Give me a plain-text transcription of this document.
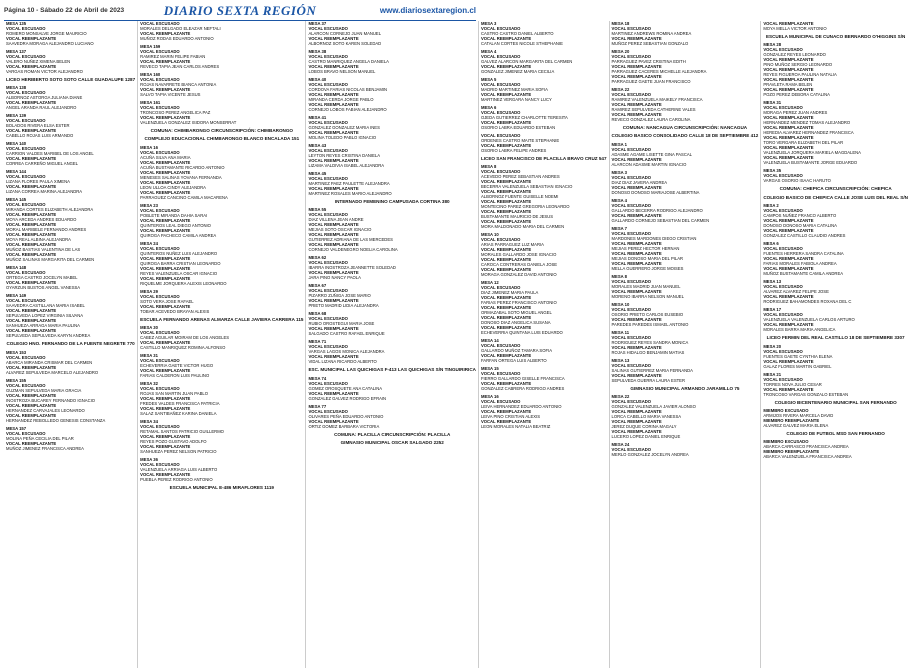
Página 10 - Sábado 22 de Abril de 2023	DIARIO SEXTA REGIÓN	www.diariosextaregion.cl
MESA 135
VOCAL ESCUSADO
ROMERO MONSALVE JORGE MAURICIO
VOCAL REEMPLAZANTE
SAAVEDRA MORAGA ALEJANDRO LUCIANO
MESA 137
VOCAL ESCUSADO
VALERO NUÑEZ XIMENA BELEN
VOCAL REEMPLAZANTE
VARGAS ROMAN VICTOR ALEJANDRO
LICEO HERIBERTO SOTO SOTO CALLE GUADALUPE 1287
MESA 138
VOCAL ESCUSADO
ALBORNOZ ASTORGA JULIANA DIANE
VOCAL REEMPLAZANTE
ANGEL ARANDA RAUL ALEJANDRO
MESA 139
VOCAL ESCUSADO
BOLADOS RIVERA ELSA ESTER
VOCAL REEMPLAZANTE
CABELLO ROJAS LUIS ARMANDO
MESA 140
VOCAL ESCUSADO
CARRION VALDES MARIBEL DE LOS ANGEL
VOCAL REEMPLAZANTE
CORREA CARREÑO MIGUEL ANGEL
MESA 144
VOCAL ESCUSADO
LIZANA FLORES PAULA XIMENA
VOCAL REEMPLAZANTE
LIZANA CORREA MARINA ALEJANDRA
MESA 145
VOCAL ESCUSADO
MIRANDA CORTES ELIZABETH ALEJANDRA
VOCAL REEMPLAZANTE
MOYA ARCEDA ANDRES EDUARDO
VOCAL REEMPLAZANTE
MORAL MARIBELE FERNANDO ANDRES
VOCAL REEMPLAZANTE
MOYA REAL ALBINA ALEJANDRA
VOCAL REEMPLAZANTE
MUÑOZ BASTIAS VALENTINA DE LAS
VOCAL REEMPLAZANTE
MUÑOZ SALINAS MARGARITA DEL CARMEN
MESA 148
VOCAL ESCUSADO
ORTEGA CASTRO JOCELYN MABEL
VOCAL REEMPLAZANTE
OYARZUN BUSTOS ANGEL VANESSA
MESA 149
VOCAL ESCUSADO
SAAVEDRA CASTILLANA MARIA ISABEL
VOCAL REEMPLAZANTE
SEPULVEDA LOPEZ VIRGINIA SILVANA
VOCAL REEMPLAZANTE
SANHUEZA ARRAGA MARIA PAULINA
VOCAL REEMPLAZANTE
SEPULVEDA SEPULVEDA KARYN ANDREA
COLEGIO HNO. FERNANDO DE LA FUENTE NEGRETE 770
MESA 153
VOCAL ESCUSADO
ABARCA MIRANDA CRISMAR DEL CARMEN
VOCAL REEMPLAZANTE
ALVAREZ SEPULVEDA MARCELO ALEJANDRO
MESA 155
VOCAL ESCUSADO
GUZMAN SEPULVEDA MARIA GRACIA
VOCAL REEMPLAZANTE
INOSTROZA BUCAREY FERNANDO IGNACIO
VOCAL REEMPLAZANTE
HERNANDEZ CARVAJALES LEONARDO
VOCAL REEMPLAZANTE
HERNANDEZ REBOLLEDO GENESIS CONSTANZA
MESA 157
VOCAL ESCUSADO
MOLINA PEÑA CECILIA DEL PILAR
VOCAL REEMPLAZANTE
MUÑOZ JIMENEZ FRANCISCA ANDREA
VOCAL ESCUSADO
MORALES DELGADO ELEAZAR NEFTALI
VOCAL REEMPLAZANTE
MUÑOZ RODAS EDUARDO ANTONIO
MESA 159
VOCAL ESCUSADO
RAMIREZ MARIN FELIPE FABIAN
VOCAL REEMPLAZANTE
REVECO TAPIA JEAN CARLOS ANDRES
MESA 160
VOCAL ESCUSADO
ROJAS NAVARRETE BIANCA ANTONIA
VOCAL REEMPLAZANTE
SALVO TAPIA VICENTE JESUS
MESA 161
VOCAL ESCUSADO
TRONCOSO PEREZ ANGELICA PAZ
VOCAL REEMPLAZANTE
VALENZUELA GONZALEZ ISIDORA MONSERRAT
COMUNA: CHIMBARONGO CIRCUNSCRIPCIÓN: CHIMBARONGO
COMPLEJO EDUCACIONAL CHIMBARONGO BLANCO ENCALADA 151
MESA 16
VOCAL ESCUSADO
ACUÑA SILVA ANA MARIA
VOCAL REEMPLAZANTE
ACUÑA BUSTAMANTE RICARDO ANTONIO
VOCAL REEMPLAZANTE
MENESES SALINAS YOVANA FERNANDA
VOCAL REEMPLAZANTE
LEON ULLOA CINDY ALEJANDRA
VOCAL REEMPLAZANTE
PARRAGUEZ CANCINO CAMILA MACARENA
MESA 23
VOCAL ESCUSADO
POBLETE MIRANDA DAHIA SARAI
VOCAL REEMPLAZANTE
QUINTEROS LEAL DIEGO ANTONIO
VOCAL REEMPLAZANTE
QUIROGA PACHECO CAMILA ANDREA
MESA 24
VOCAL ESCUSADO
QUINTEROS NUÑEZ LUIS ALEJANDRO
VOCAL REEMPLAZANTE
QUIROGA BARRA CRISTIAN LEONARDO
VOCAL REEMPLAZANTE
REYES VALENZUELA OSCAR IGNACIO
VOCAL REEMPLAZANTE
RIQUELME JORQUERA ALEXIS LEONARDO
MESA 29
VOCAL ESCUSADO
SOTO VERA JOSE RAFAEL
VOCAL REEMPLAZANTE
TOBAR ACEVEDO BRAYAN ALEXIS
ESCUELA FERNANDO ARENAS ALMARZA CALLE JAVIERA CARRERA 115
MESA 30
VOCAL ESCUSADO
CABEZ AGUILAR MOIRAM DE LOS ANGELES
VOCAL REEMPLAZANTE
CASTILLO MANRIQUEZ ROMINA ALFONSO
MESA 31
VOCAL ESCUSADO
ECHEVERRIA GAETE VICTOR HUGO
VOCAL REEMPLAZANTE
FARIAS CALDERON LUIS PAULINO
MESA 32
VOCAL ESCUSADO
ROJAS SAN MARTIN JUAN PABLO
VOCAL REEMPLAZANTE
FREDES VALDES FRANCISCA PATRICIA
VOCAL REEMPLAZANTE
SALAZ SANTIBAÑEZ KARINA DANIELA
MESA 34
VOCAL ESCUSADO
RETAMAL SANTOS PATRICIO GUILLERMO
VOCAL REEMPLAZANTE
REYES POZO GUSTAVO ADOLFO
VOCAL REEMPLAZANTE
SANHUEZA PEREZ NELSON PATRICIO
MESA 36
VOCAL ESCUSADO
VALENZUELA ARRIAGA LUIS ALBERTO
VOCAL REEMPLAZANTE
PUEBLA PEREZ RODRIGO ANTONIO
ESCUELA MUNICIPAL E-486 MIRAFLORES 1119
MESA 37
VOCAL ESCUSADO
ALARCON CORNEJO JUAN MANUEL
VOCAL REEMPLAZANTE
ALBORNOZ SOTO KAREN SOLEDAD
MESA 38
VOCAL ESCUSADO
CASTRO MANRIQUEZ ANGELA DANIELA
VOCAL REEMPLAZANTE
LOBOS BRAVO NELSON MANUEL
MESA 40
VOCAL ESCUSADO
CORDOVA FARIAS NICOLAS BENJAMIN
VOCAL REEMPLAZANTE
MIRANDA CERDA JORGE PABLO
VOCAL REEMPLAZANTE
CORNEJO LOBOS FABIAN ALEJANDRO
MESA 41
VOCAL ESCUSADO
GONZALEZ GONZALEZ MARIA INES
VOCAL REEMPLAZANTE
MOLINA TOLEDO PABLO IGNACIO
MESA 43
VOCAL ESCUSADO
LEYTON REYES CRISTINA DANIELA
VOCAL REEMPLAZANTE
LIZAMA VALDIVIA ISABEL ALEJANDRA
MESA 45
VOCAL ESCUSADO
MARTINEZ PAEZ PAULETTE ALEJANDRA
VOCAL REEMPLAZANTE
MARTINEZ ROSALES MARIO ALEJANDRO
INTERNADO FEMENINO CAMPUSADA CORTINA 380
MESA 55
VOCAL ESCUSADO
DIAZ VILLENA JEAN ANDRE
VOCAL REEMPLAZANTE
MEJIAS SOTO OSCAR IGNACIO
VOCAL REEMPLAZANTE
GUTIERREZ ADRIANA DE LAS MERCEDES
VOCAL REEMPLAZANTE
CORNEJO VALDENEGRO NOELIA CAROLINA
MESA 62
VOCAL ESCUSADO
IBARRA INOSTROZA JEANNETTE SOLEDAD
VOCAL REEMPLAZANTE
JARA PINO NANCY PAOLA
MESA 67
VOCAL ESCUSADO
PIZARRO ZUÑIGA JOSE MARIO
VOCAL REEMPLAZANTE
PRIETO MADRID LIDIA ALEJANDRA
MESA 68
VOCAL ESCUSADO
RUBIO OROSTEGUI MARIA JOSE
VOCAL REEMPLAZANTE
SALGADO CASTRO RAFAEL ENRIQUE
MESA 71
VOCAL ESCUSADO
VARGAS LAGOS MONICA ALEJANDRA
VOCAL REEMPLAZANTE
VIDAL LIZANA RICARDO ALBERTO
ESC. MUNICIPAL LAS QUICHIGAS F-413 LAS QUICHIGAS S/N TINGUIRIRICA
MESA 74
VOCAL ESCUSADO
GOMEZ OROSQUETE ANA CATALINA
VOCAL REEMPLAZANTE
GONZALEZ GALVEZ RODRIGO EFRAIN
MESA 77
VOCAL ESCUSADO
OLIVARES PEÑA EDUARDO ANTONIO
VOCAL REEMPLAZANTE
ORTIZ GOMEZ BARBARA VICTORIA
COMUNA: PLACILLA CIRCUNSCRIPCIÓN: PLACILLA
GIMNASIO MUNICIPAL OSCAR SALGADO 2252
MESA 3
VOCAL ESCUSADO
CASTRO CASTRO DANIEL ALBERTO
VOCAL REEMPLAZANTE
CATALAN CORTES NICOLE STHEPHANIE
MESA 4
VOCAL ESCUSADO
GALVEZ ALARCON MARGARITA DEL CARMEN
VOCAL REEMPLAZANTE
GONZALEZ JIMENEZ MARIA CECILIA
MESA 5
VOCAL ESCUSADO
MADRID MARTINEZ MARIA SOFIA
VOCAL REEMPLAZANTE
MARTINEZ VERGARA NANCY LUCY
MESA 6
VOCAL ESCUSADO
OJEDA GUTIERREZ CHARLOTTE TERESITA
VOCAL REEMPLAZANTE
OSORIO LABRA EDUARDO ESTEBAN
VOCAL ESCUSADO
ORDENES CASTRO MAITE STEPHANIE
VOCAL REEMPLAZANTE
OSORIO LABRA FELIPE ANDRES
LICEO SAN FRANCISCO DE PLACILLA BRAVO CRUZ 547
MESA 8
VOCAL ESCUSADO
ACEVEDO PEREZ SEBASTIAN ANDRES
VOCAL REEMPLAZANTE
BECERRA VALENZUELA SEBASTIAN IGNACIO
VOCAL REEMPLAZANTE
ALBORNOZ FUENTE GUISELLE NOEMI
VOCAL REEMPLAZANTE
MONTECINO PAREZ GREGORIA LEONARDO
VOCAL REEMPLAZANTE
BUSTAMANTE MAURICIO DE JESUS
VOCAL REEMPLAZANTE
MORA MALDONADO MARIA DEL CARMEN
MESA 10
VOCAL ESCUSADO
ARIAS PARRAGUEZ LUZ MARIA
VOCAL REEMPLAZANTE
MORALES GALLARDO JOSE IGNACIO
VOCAL REEMPLAZANTE
CAROCA CONTRERAS DANIELA JOSE
VOCAL REEMPLAZANTE
MORAGA GONZALEZ DAVID ANTONIO
MESA 12
VOCAL ESCUSADO
DIAZ JIMENEZ MARIA PAULA
VOCAL REEMPLAZANTE
FARIAS PEREZ FRANCISCO ANTONIO
VOCAL REEMPLAZANTE
ORMAZABAL SOTO MIGUEL ANGEL
VOCAL REEMPLAZANTE
DONOSO DIAZ ANGELICA SUSANA
VOCAL REEMPLAZANTE
ECHEVERRIA QUINTANA LUIS EDUARDO
MESA 14
VOCAL ESCUSADO
GALLARDO MUÑOZ TAMARA SOFIA
VOCAL REEMPLAZANTE
FARFAN ORTEGA LUIS ALBERTO
MESA 15
VOCAL ESCUSADO
FIERRO GALLARDO GISELLE FRANCISCA
VOCAL REEMPLAZANTE
GONZALEZ CABRERA RODRIGO ANDRES
MESA 16
VOCAL ESCUSADO
LEIVA HERNANDEZ EDUARDO ANTONIO
VOCAL REEMPLAZANTE
LEIVA PINO CRISTIAN ALEXIS
VOCAL REEMPLAZANTE
LEON MORALES NATALIA BEATRIZ
MESA 18
VOCAL ESCUSADO
MARTINEZ ANDREWS ROMINA ANDREA
VOCAL REEMPLAZANTE
MUÑOZ PEREZ SEBASTIAN GONZALO
MESA 20
VOCAL ESCUSADO
PARRAGUEZ PAVEZ CRISTINA EDITH
VOCAL REEMPLAZANTE
PARRAGUEZ CACERES MICHELLE ALEJANDRA
VOCAL REEMPLAZANTE
PARRAGUEZ GAETE JUAN FRANCISCO
MESA 22
VOCAL ESCUSADO
RAMIREZ VALENZUELA MAIKELY FRANCISCA
VOCAL REEMPLAZANTE
RAMIREZ SEPULVEDA CATHERINE VALES
VOCAL REEMPLAZANTE
REVECO GONZALEZ LAURA CAROLINA
COMUNA: NANCAGUA CIRCUNSCRIPCIÓN: NANCAGUA
COLEGIO BASICO CONSOLIDADO CALLE 18 DE SEPTIEMBRE 412
MESA 1
VOCAL ESCUSADO
ADASME AGAME LISETTE GINA PASCAL
VOCAL REEMPLAZANTE
ALARCON ADASME MARTIN IGNACIO
MESA 3
VOCAL ESCUSADO
DIAZ DIAZ JAVERA ANDREA
VOCAL REEMPLAZANTE
DONOSO DONOSO MARIAJOSE ALBERTINA
MESA 4
VOCAL ESCUSADO
GALLARDO BECERRA RODRIGO ALEJANDRO
VOCAL REEMPLAZANTE
GALLARDO CORNEJO SEBASTIAN DEL CARMEN
MESA 7
VOCAL ESCUSADO
MARDONES MARDONES DIEGO CRISTIAN
VOCAL REEMPLAZANTE
MEJIAS PEREZ HECTOR HERNAN
VOCAL REEMPLAZANTE
MEJIAS DONOSO MARIA DEL PILAR
VOCAL REEMPLAZANTE
MELLA GUERRERO JORGE MOISES
MESA 8
VOCAL ESCUSADO
MORALES MADRID JUAN MANUEL
VOCAL REEMPLAZANTE
MORENO IBARRA NELSON MANUEL
MESA 10
VOCAL ESCUSADO
OSORIO PRIETO CARLOS EUSEBIO
VOCAL REEMPLAZANTE
PAREDES PAREDES ISMAEL ANTONIO
MESA 11
VOCAL ESCUSADO
RODRIGUEZ REYES SANDRA MONICA
VOCAL REEMPLAZANTE
ROJAS HIDALGO BENJAMIN MATIAS
MESA 13
VOCAL ESCUSADO
SALINAS GUTIERREZ MARIA FERNANDA
VOCAL REEMPLAZANTE
SEPULVEDA GUERRA LAURA ESTER
GIMNASIO MUNICIPAL ARMANDO JARAMILLO 75
MESA 22
VOCAL ESCUSADO
GONZALEZ VALENZUELA JAVIER ALONSO
VOCAL REEMPLAZANTE
LORCA CABELLO MARIA VANESSA
VOCAL REEMPLAZANTE
JEREZ DUQUE CORINA MAGALY
VOCAL REEMPLAZANTE
LUCERO LOPEZ DANIEL ENRIQUE
MESA 24
VOCAL ESCUSADO
MERLO GONZALEZ JOCELYN ANDREA
VOCAL REEMPLAZANTE
MOYA MELLA VICTOR ANTONIO
ESCUELA MUNICIPAL DE CUNACO BERNARDO O'HIGGINS S/N
MESA 28
VOCAL ESCUSADO
GONZALEZ REYES LEONARDO
VOCAL REEMPLAZANTE
PINO MUÑOZ SERGIO LEONARDO
VOCAL REEMPLAZANTE
REYES FIGUEROA PAULINA NATALIA
VOCAL REEMPLAZANTE
PRAVLETA RAMA BELEN
VOCAL REEMPLAZANTE
POZO PEREZ DEBORA CATALINA
MESA 31
VOCAL ESCUSADO
MORAGA PEREZ JUAN ANDRES
VOCAL REEMPLAZANTE
HERNANDEZ MENDEZ TOMAS ALEJANDRO
VOCAL REEMPLAZANTE
HEREDIA ALVAREZ HERNANDEZ FRANCISCA
VOCAL REEMPLAZANTE
TORO VERGARA ELIZABETH DEL PILAR
VOCAL REEMPLAZANTE
VALENZUELA JORQUERA MARIELA MAGDALENA
VOCAL REEMPLAZANTE
VALENZUELA BUSTAMANTE JORGE EDUARDO
MESA 35
VOCAL ESCUSADO
VARGAS OSORIO ISAAC HARUTO
COMUNA: CHEPICA CIRCUNSCRIPCIÓN: CHEPICA
COLEGIO BASICO DE CHEPICA CALLE JOSE LUIS DEL REAL S/N
MESA 2
VOCAL ESCUSADO
CAMPOS NUÑEZ FRANCO ALBERTO
VOCAL REEMPLAZANTE
DONOSO DONOSO MARIA CATALINA
VOCAL REEMPLAZANTE
GONZALEZ CASTILLO CLAUDIO ANDRES
MESA 6
VOCAL ESCUSADO
FUENTES HERRERA SANDRA CATALINA
VOCAL REEMPLAZANTE
FARIAS MORALES FABIOLA ANDREA
VOCAL REEMPLAZANTE
MUÑOZ BUSTAMANTE CAMILA ANDREA
MESA 13
VOCAL ESCUSADO
ALVAREZ ALVAREZ FELIPE JOSE
VOCAL REEMPLAZANTE
RODRIGUEZ BAHAMONDES ROXANA DEL C
MESA 17
VOCAL ESCUSADO
VALENZUELA VALENZUELA CARLOS ARTURO
VOCAL REEMPLAZANTE
MORALES BARRA MARIA ANGELICA
LICEO FERMIN DEL REAL CASTILLO 18 DE SEPTIEMBRE 3307
MESA 20
VOCAL ESCUSADO
FUENTES GAETE CYNTHIA ELENA
VOCAL REEMPLAZANTE
GALAZ FLORES MARTIN GABRIEL
MESA 21
VOCAL ESCUSADO
TORRES NOVA JULIO CESAR
VOCAL REEMPLAZANTE
TRONCOSO VARGAS GONZALO ESTEBAN
COLEGIO BICENTENARIO MUNICIPAL SAN FERNANDO
MIEMBRO EXCUSADO
ARMIJOS RIVERA MARCELA DAVID
MIEMBRO REEMPLAZANTE
ALVAREZ GALVEZ MARIA ELENA
COLEGIO DE FUTBOL MSD SAN FERNANDO
MIEMBRO EXCUSADO
ABARCA CARRASCO FRANCISCA ANDREA
MIEMBRO REEMPLAZANTE
ABARCA VALENZUELA FRANCISCA ANDREA
